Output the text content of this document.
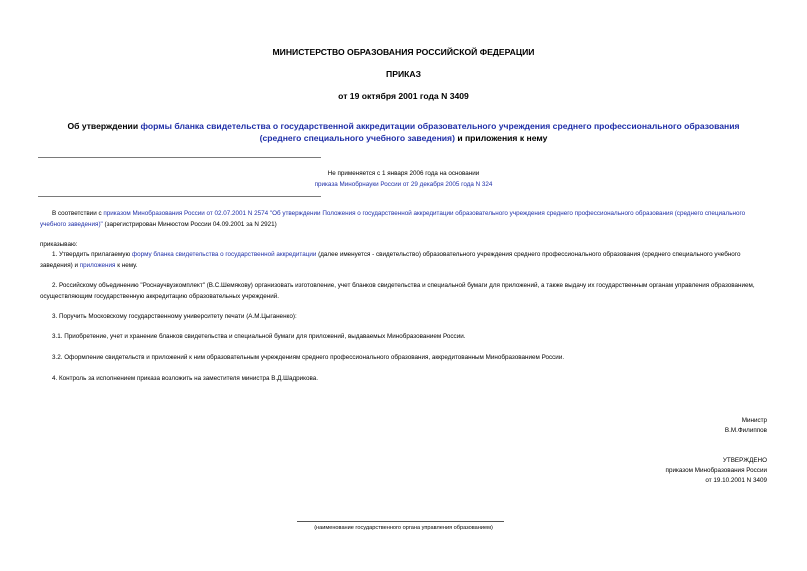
МИНИСТЕРСТВО ОБРАЗОВАНИЯ РОССИЙСКОЙ ФЕДЕРАЦИИ
ПРИКАЗ
от 19 октября 2001 года N 3409
Об утверждении формы бланка свидетельства о государственной аккредитации образовательного учреждения среднего профессионального образования (среднего специального учебного заведения) и приложения к нему
Не применяется с 1 января 2006 года на основании
приказа Минобрнауки России от 29 декабря 2005 года N 324
В соответствии с приказом Минобразования России от 02.07.2001 N 2574 "Об утверждении Положения о государственной аккредитации образовательного учреждения среднего профессионального образования (среднего специального учебного заведения)" (зарегистрирован Минюстом России 04.09.2001 за N 2921)
приказываю:
1. Утвердить прилагаемую форму бланка свидетельства о государственной аккредитации (далее именуется - свидетельство) образовательного учреждения среднего профессионального образования (среднего специального учебного заведения) и приложения к нему.
2. Российскому объединению "Роснаучвузкомплект" (В.С.Шемякову) организовать изготовление, учет бланков свидетельства и специальной бумаги для приложений, а также выдачу их государственным органам управления образованием, осуществляющим государственную аккредитацию образовательных учреждений.
3. Поручить Московскому государственному университету печати (А.М.Цыганенко):
3.1. Приобретение, учет и хранение бланков свидетельства и специальной бумаги для приложений, выдаваемых Минобразованием России.
3.2. Оформление свидетельств и приложений к ним образовательным учреждениям среднего профессионального образования, аккредитованным Минобразованием России.
4. Контроль за исполнением приказа возложить на заместителя министра В.Д.Шадрикова.
Министр
В.М.Филиппов
УТВЕРЖДЕНО
приказом Минобразования России
от 19.10.2001 N 3409
(наименование государственного органа управления образованием)
